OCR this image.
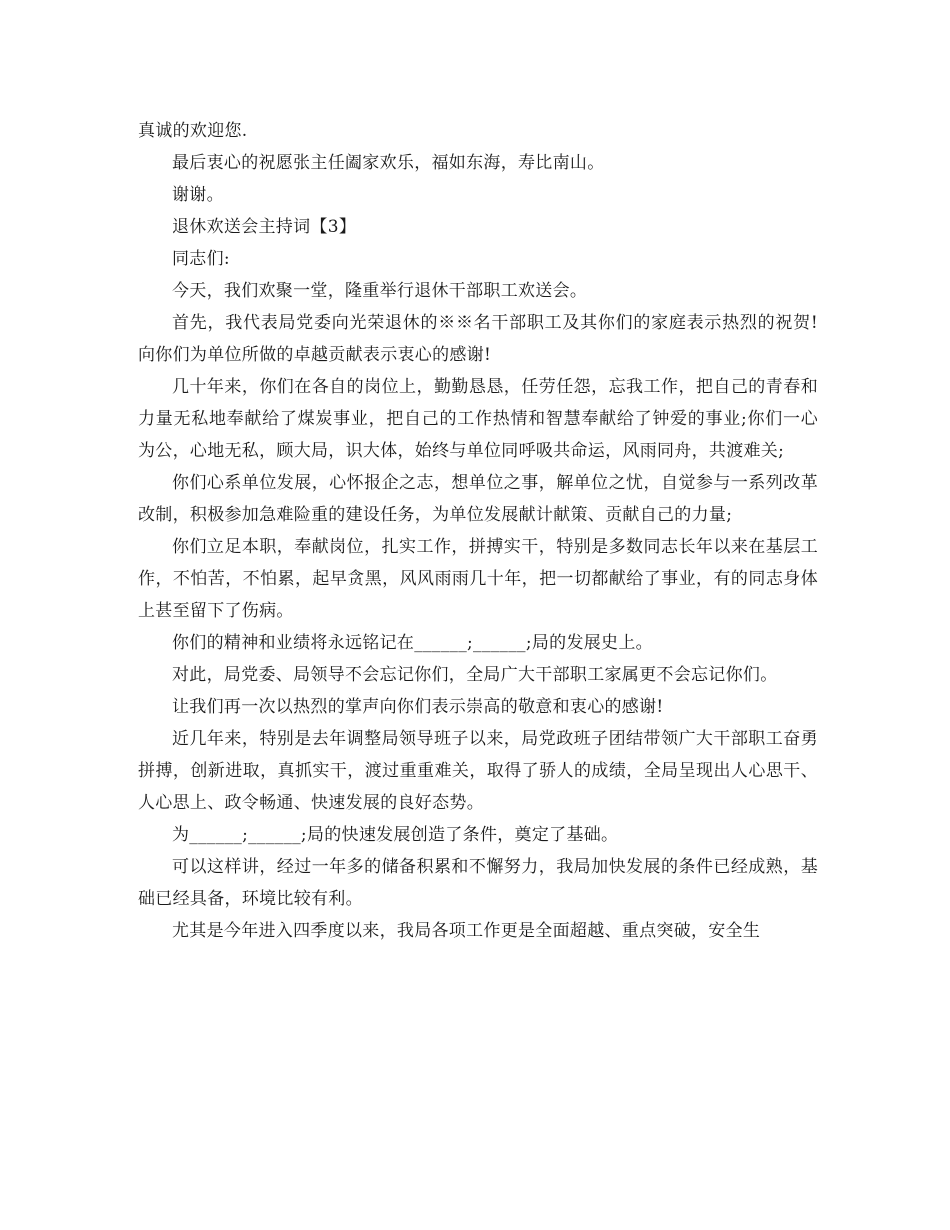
真诚的欢迎您.

最后衷心的祝愿张主任阖家欢乐，福如东海，寿比南山。

谢谢。

退休欢送会主持词【3】

同志们:

今天，我们欢聚一堂，隆重举行退休干部职工欢送会。

首先，我代表局党委向光荣退休的※※名干部职工及其你们的家庭表示热烈的祝贺!向你们为单位所做的卓越贡献表示衷心的感谢!

几十年来，你们在各自的岗位上，勤勤恳恳，任劳任怨，忘我工作，把自己的青春和力量无私地奉献给了煤炭事业，把自己的工作热情和智慧奉献给了钟爱的事业;你们一心为公，心地无私，顾大局，识大体，始终与单位同呼吸共命运，风雨同舟，共渡难关;

你们心系单位发展，心怀报企之志，想单位之事，解单位之忧，自觉参与一系列改革改制，积极参加急难险重的建设任务，为单位发展献计献策、贡献自己的力量;

你们立足本职，奉献岗位，扎实工作，拼搏实干，特别是多数同志长年以来在基层工作，不怕苦，不怕累，起早贪黑，风风雨雨几十年，把一切都献给了事业，有的同志身体上甚至留下了伤病。

你们的精神和业绩将永远铭记在______;______;局的发展史上。

对此，局党委、局领导不会忘记你们，全局广大干部职工家属更不会忘记你们。

让我们再一次以热烈的掌声向你们表示崇高的敬意和衷心的感谢!

近几年来，特别是去年调整局领导班子以来，局党政班子团结带领广大干部职工奋勇拼搏，创新进取，真抓实干，渡过重重难关，取得了骄人的成绩，全局呈现出人心思干、人心思上、政令畅通、快速发展的良好态势。

为______;______;局的快速发展创造了条件，奠定了基础。

可以这样讲，经过一年多的储备积累和不懈努力，我局加快发展的条件已经成熟，基础已经具备，环境比较有利。

尤其是今年进入四季度以来，我局各项工作更是全面超越、重点突破，安全生
